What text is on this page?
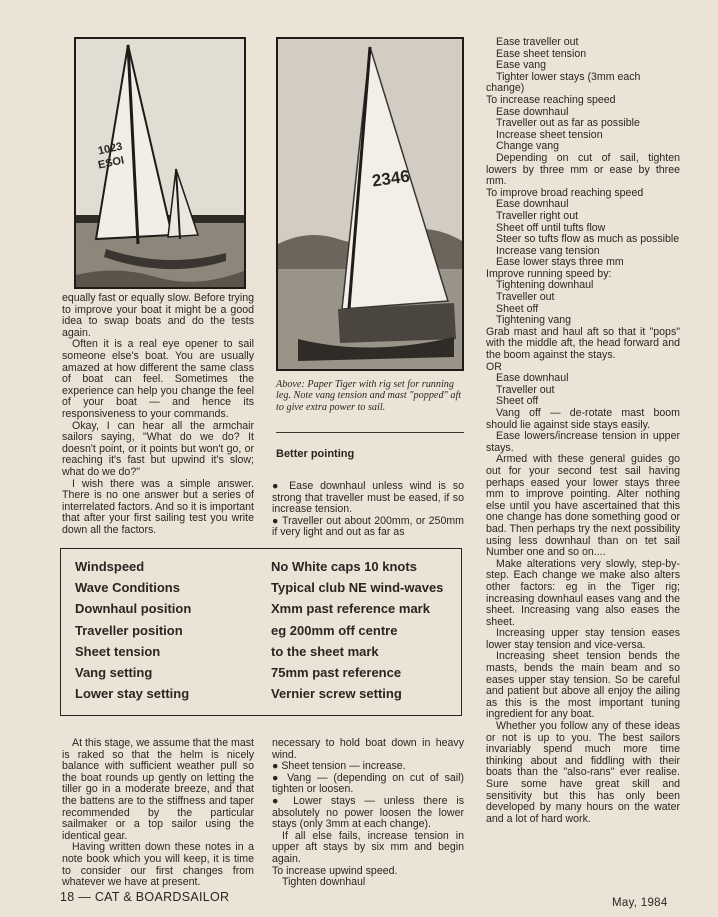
1023
ESOI
2346
Above: Paper Tiger with rig set for running leg. Note vang tension and mast "popped" aft to give extra power to sail.
Better pointing

equally fast or equally slow. Before trying to improve your boat it might be a good idea to swap boats and do the tests again.

Often it is a real eye opener to sail someone else's boat. You are usually amazed at how different the same class of boat can feel. Sometimes the experience can help you change the feel of your boat — and hence its responsiveness to your commands.

Okay, I can hear all the armchair sailors saying, "What do we do? It doesn't point, or it points but won't go, or reaching it's fast but upwind it's slow; what do we do?"

I wish there was a simple answer. There is no one answer but a series of interrelated factors. And so it is important that after your first sailing test you write down all the factors.

● Ease downhaul unless wind is so strong that traveller must be eased, if so increase tension.

● Traveller out about 200mm, or 250mm if very light and out as far as

Windspeed	No White caps 10 knots
Wave Conditions	Typical club NE wind-waves
Downhaul position	Xmm past reference mark
Traveller position	eg 200mm off centre
Sheet tension	to the sheet mark
Vang setting	75mm past reference
Lower stay setting	Vernier screw setting

At this stage, we assume that the mast is raked so that the helm is nicely balance with sufficient weather pull so the boat rounds up gently on letting the tiller go in a moderate breeze, and that the battens are to the stiffness and taper recommended by the particular sailmaker or a top sailor using the identical gear.

Having written down these notes in a note book which you will keep, it is time to consider our first changes from whatever we have at present.

necessary to hold boat down in heavy wind.

● Sheet tension — increase.

● Vang — (depending on cut of sail) tighten or loosen.

● Lower stays — unless there is absolutely no power loosen the lower stays (only 3mm at each change).

If all else fails, increase tension in upper aft stays by six mm and begin again.

To increase upwind speed.
Tighten downhaul
Ease traveller out
Ease sheet tension
Ease vang
Tighter lower stays (3mm each
change)
To increase reaching speed
Ease downhaul
Traveller out as far as possible
Increase sheet tension
Change vang

Depending on cut of sail, tighten lowers by three mm or ease by three mm.

To improve broad reaching speed
Ease downhaul
Traveller right out
Sheet off until tufts flow

Steer so tufts flow as much as possible

Increase vang tension
Ease lower stays three mm
Improve running speed by:
Tightening downhaul
Traveller out
Sheet off
Tightening vang

Grab mast and haul aft so that it "pops" with the middle aft, the head forward and the boom against the stays.

OR
Ease downhaul
Traveller out
Sheet off

Vang off — de-rotate mast boom should lie against side stays easily.

Ease lowers/increase tension in upper stays.

Armed with these general guides go out for your second test sail having perhaps eased your lower stays three mm to improve pointing. Alter nothing else until you have ascertained that this one change has done something good or bad. Then perhaps try the next possibility using less downhaul than on tet sail Number one and so on....

Make alterations very slowly, step-by-step. Each change we make also alters other factors: eg in the Tiger rig; increasing downhaul eases vang and the sheet. Increasing vang also eases the sheet.

Increasing upper stay tension eases lower stay tension and vice-versa.

Increasing sheet tension bends the masts, bends the main beam and so eases upper stay tension. So be careful and patient but above all enjoy the ailing as this is the most important tuning ingredient for any boat.

Whether you follow any of these ideas or not is up to you. The best sailors invariably spend much more time thinking about and fiddling with their boats than the "also-rans" ever realise. Sure some have great skill and sensitivity but this has only been developed by many hours on the water and a lot of hard work.

18 — CAT & BOARDSAILOR	May, 1984
